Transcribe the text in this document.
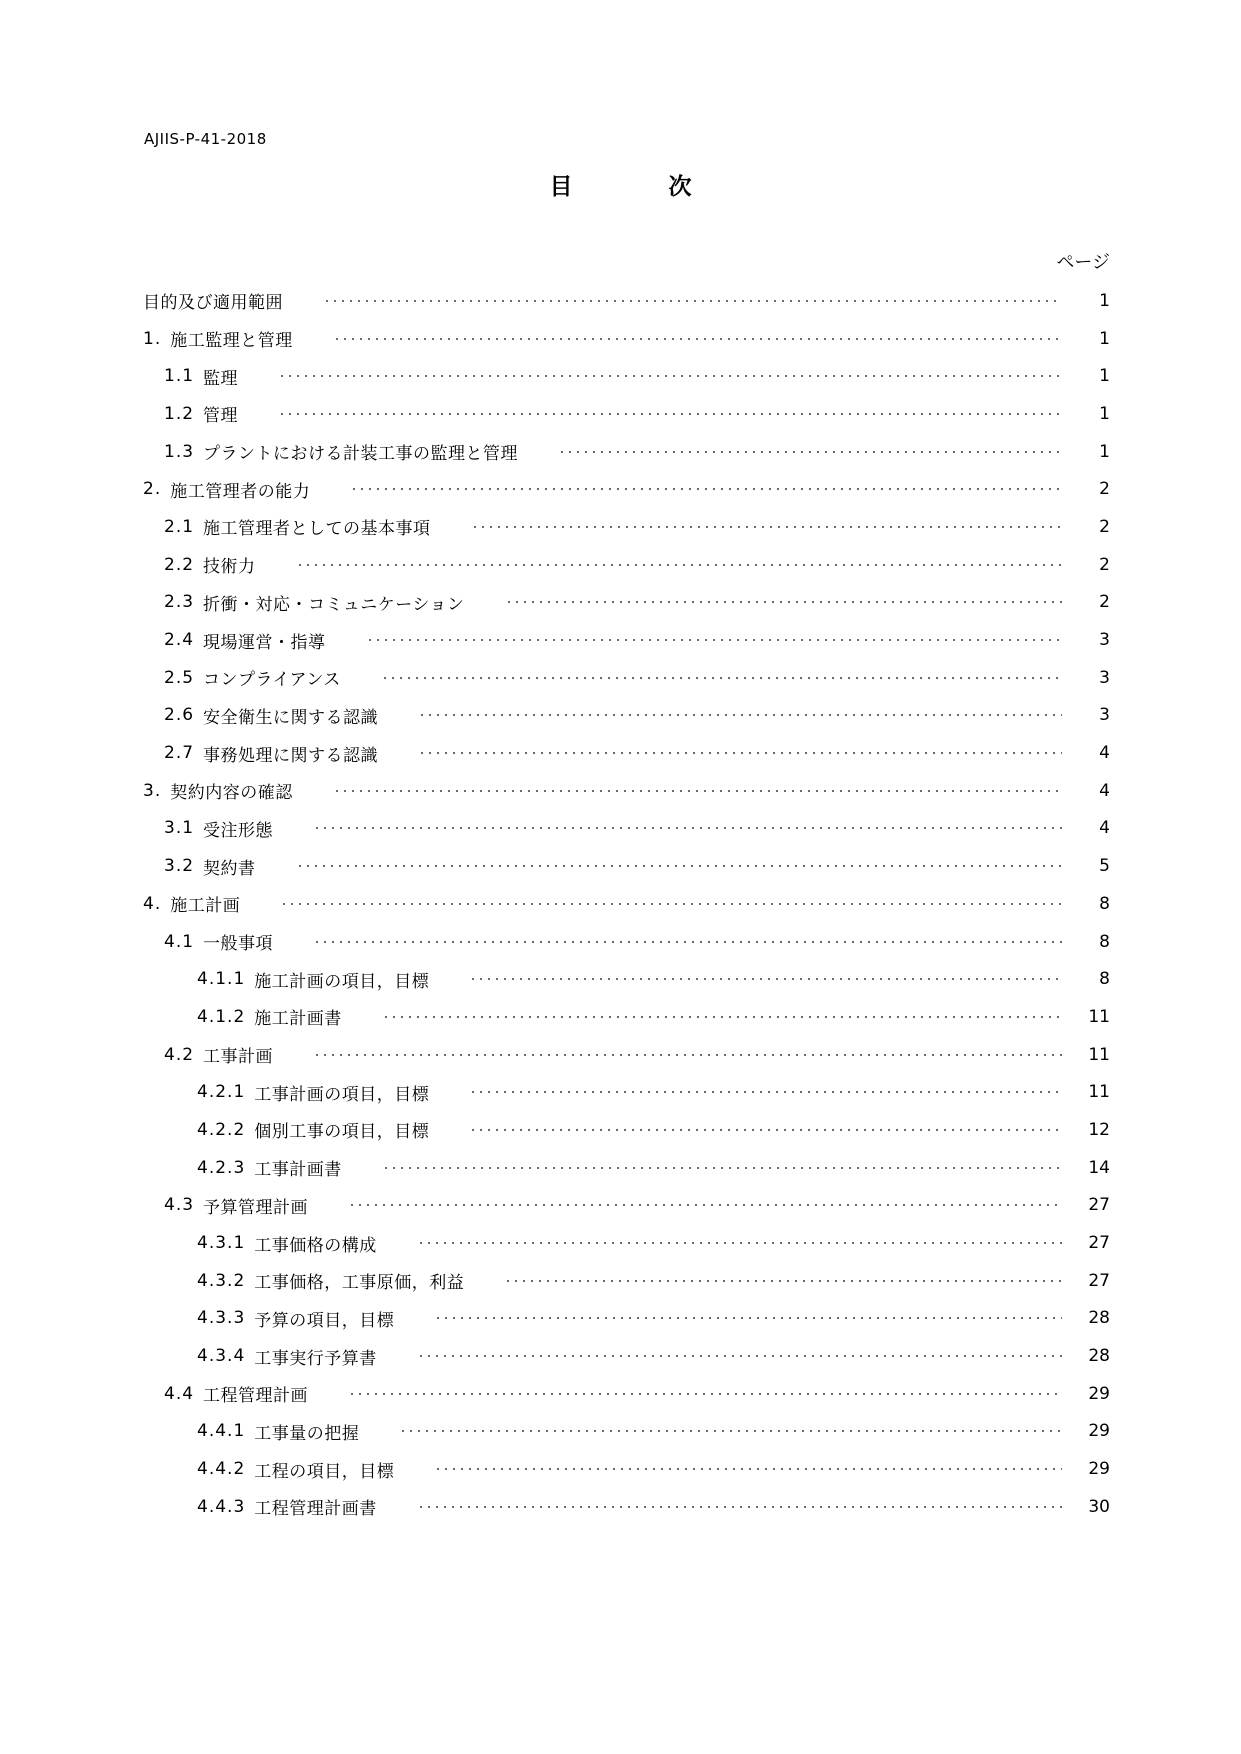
AJIIS-P-41-2018
目	次
ページ
目的及び適用範囲	1
1. 施工監理と管理	1
1.1 監理	1
1.2 管理	1
1.3 プラントにおける計装工事の監理と管理	1
2. 施工管理者の能力	2
2.1 施工管理者としての基本事項	2
2.2 技術力	2
2.3 折衝・対応・コミュニケーション	2
2.4 現場運営・指導	3
2.5 コンプライアンス	3
2.6 安全衛生に関する認識	3
2.7 事務処理に関する認識	4
3. 契約内容の確認	4
3.1 受注形態	4
3.2 契約書	5
4. 施工計画	8
4.1 一般事項	8
4.1.1 施工計画の項目，目標	8
4.1.2 施工計画書	11
4.2 工事計画	11
4.2.1 工事計画の項目，目標	11
4.2.2 個別工事の項目，目標	12
4.2.3 工事計画書	14
4.3 予算管理計画	27
4.3.1 工事価格の構成	27
4.3.2 工事価格，工事原価，利益	27
4.3.3 予算の項目，目標	28
4.3.4 工事実行予算書	28
4.4 工程管理計画	29
4.4.1 工事量の把握	29
4.4.2 工程の項目，目標	29
4.4.3 工程管理計画書	30
